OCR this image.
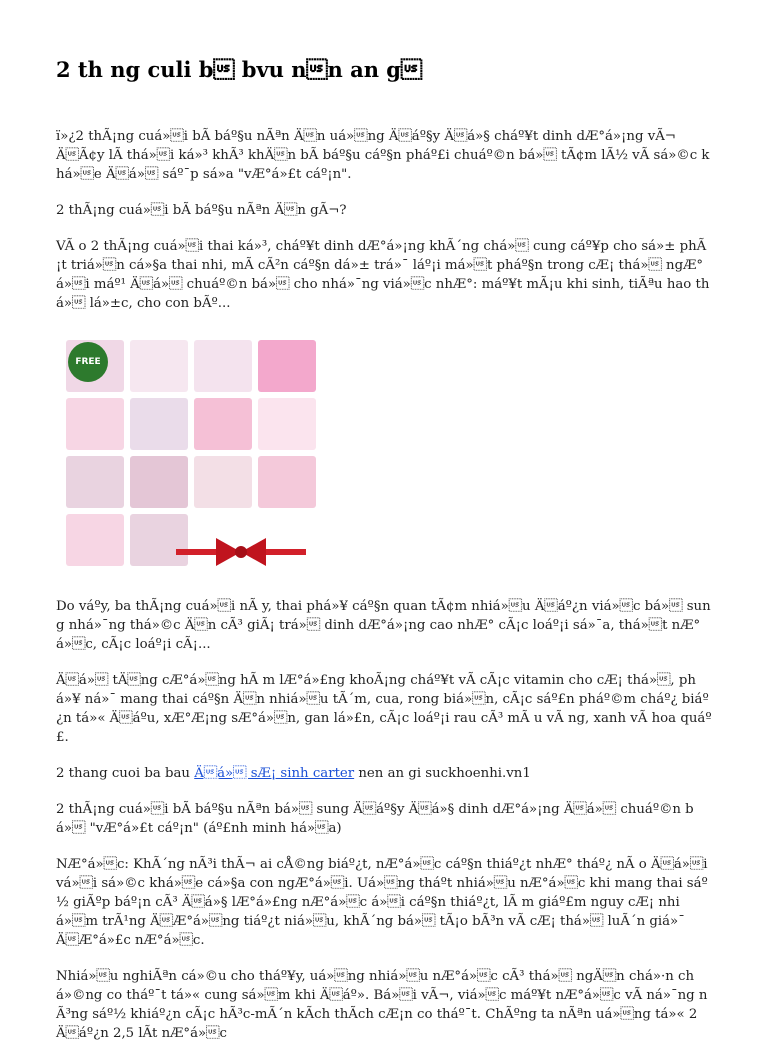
2 th ng culi b bvu nn an g

ï»¿2 thÃ¡ng cuá»i bÃ báº§u nÃªn Än uá»ng Äáº§y Äá»§ cháº¥t dinh dÆ°á»¡ng vÃ¬ ÄÃ¢y lÃ thá»i ká»³ khÃ³ khÄn bÃ báº§u cáº§n pháº£i chuáº©n bá» tÃ¢m lÃ½ vÃ sá»©c khá»e Äá» sáº¯p sá»a "vÆ°á»£t cáº¡n".

2 thÃ¡ng cuá»i bÃ báº§u nÃªn Än gÃ¬?

VÃ o 2 thÃ¡ng cuá»i thai ká»³, cháº¥t dinh dÆ°á»¡ng khÃ´ng chá» cung cáº¥p cho sá»± phÃ¡t triá»n cá»§a thai nhi, mÃ cÃ²n cáº§n dá»± trá»¯ láº¡i má»t pháº§n trong cÆ¡ thá» ngÆ°á»i máº¹ Äá» chuáº©n bá» cho nhá»¯ng viá»c nhÆ°: máº¥t mÃ¡u khi sinh, tiÃªu hao thá» lá»±c, cho con bÃº...

FREE

Do váºy, ba thÃ¡ng cuá»i nÃ y, thai phá»¥ cáº§n quan tÃ¢m nhiá»u Äáº¿n viá»c bá» sung nhá»¯ng thá»©c Än cÃ³ giÃ¡ trá» dinh dÆ°á»¡ng cao nhÆ° cÃ¡c loáº¡i sá»¯a, thá»t nÆ°á»c, cÃ¡c loáº¡i cÃ¡...

Äá» tÄng cÆ°á»ng hÃ m lÆ°á»£ng khoÃ¡ng cháº¥t vÃ cÃ¡c vitamin cho cÆ¡ thá», phá»¥ ná»¯ mang thai cáº§n Än nhiá»u tÃ´m, cua, rong biá»n, cÃ¡c sáº£n pháº©m cháº¿ biáº¿n tá»« Äáºu, xÆ°Æ¡ng sÆ°á»n, gan lá»£n, cÃ¡c loáº¡i rau cÃ³ mÃ u vÃ ng, xanh vÃ hoa quáº£.

2 thang cuoi ba bau Äá» sÆ¡ sinh carter nen an gi suckhoenhi.vn1

2 thÃ¡ng cuá»i bÃ báº§u nÃªn bá» sung Äáº§y Äá»§ dinh dÆ°á»¡ng Äá» chuáº©n bá» "vÆ°á»£t cáº¡n" (áº£nh minh há»a)

NÆ°á»c: KhÃ´ng nÃ³i thÃ¬ ai cÅ©ng biáº¿t, nÆ°á»c cáº§n thiáº¿t nhÆ° tháº¿ nÃ o Äá»i vá»i sá»©c khá»e cá»§a con ngÆ°á»i. Uá»ng tháºt nhiá»u nÆ°á»c khi mang thai sáº½ giÃºp báº¡n cÃ³ Äá»§ lÆ°á»£ng nÆ°á»c á»i cáº§n thiáº¿t, lÃ m giáº£m nguy cÆ¡ nhiá»m trÃ¹ng ÄÆ°á»ng tiáº¿t niá»u, khÃ´ng bá» tÃ¡o bÃ³n vÃ cÆ¡ thá» luÃ´n giá»¯ ÄÆ°á»£c nÆ°á»c.

Nhiá»u nghiÃªn cá»©u cho tháº¥y, uá»ng nhiá»u nÆ°á»c cÃ³ thá» ngÄn chá»·n chá»©ng co tháº¯t tá»« cung sá»m khi Äáº». Bá»i vÃ¬, viá»c máº¥t nÆ°á»c vÃ ná»¯ng nÃ³ng sáº½ khiáº¿n cÃ¡c hÃ³c-mÃ´n kÃch thÃch cÆ¡n co tháº¯t. ChÃºng ta nÃªn uá»ng tá»« 2 Äáº¿n 2,5 lÃt nÆ°á»c
